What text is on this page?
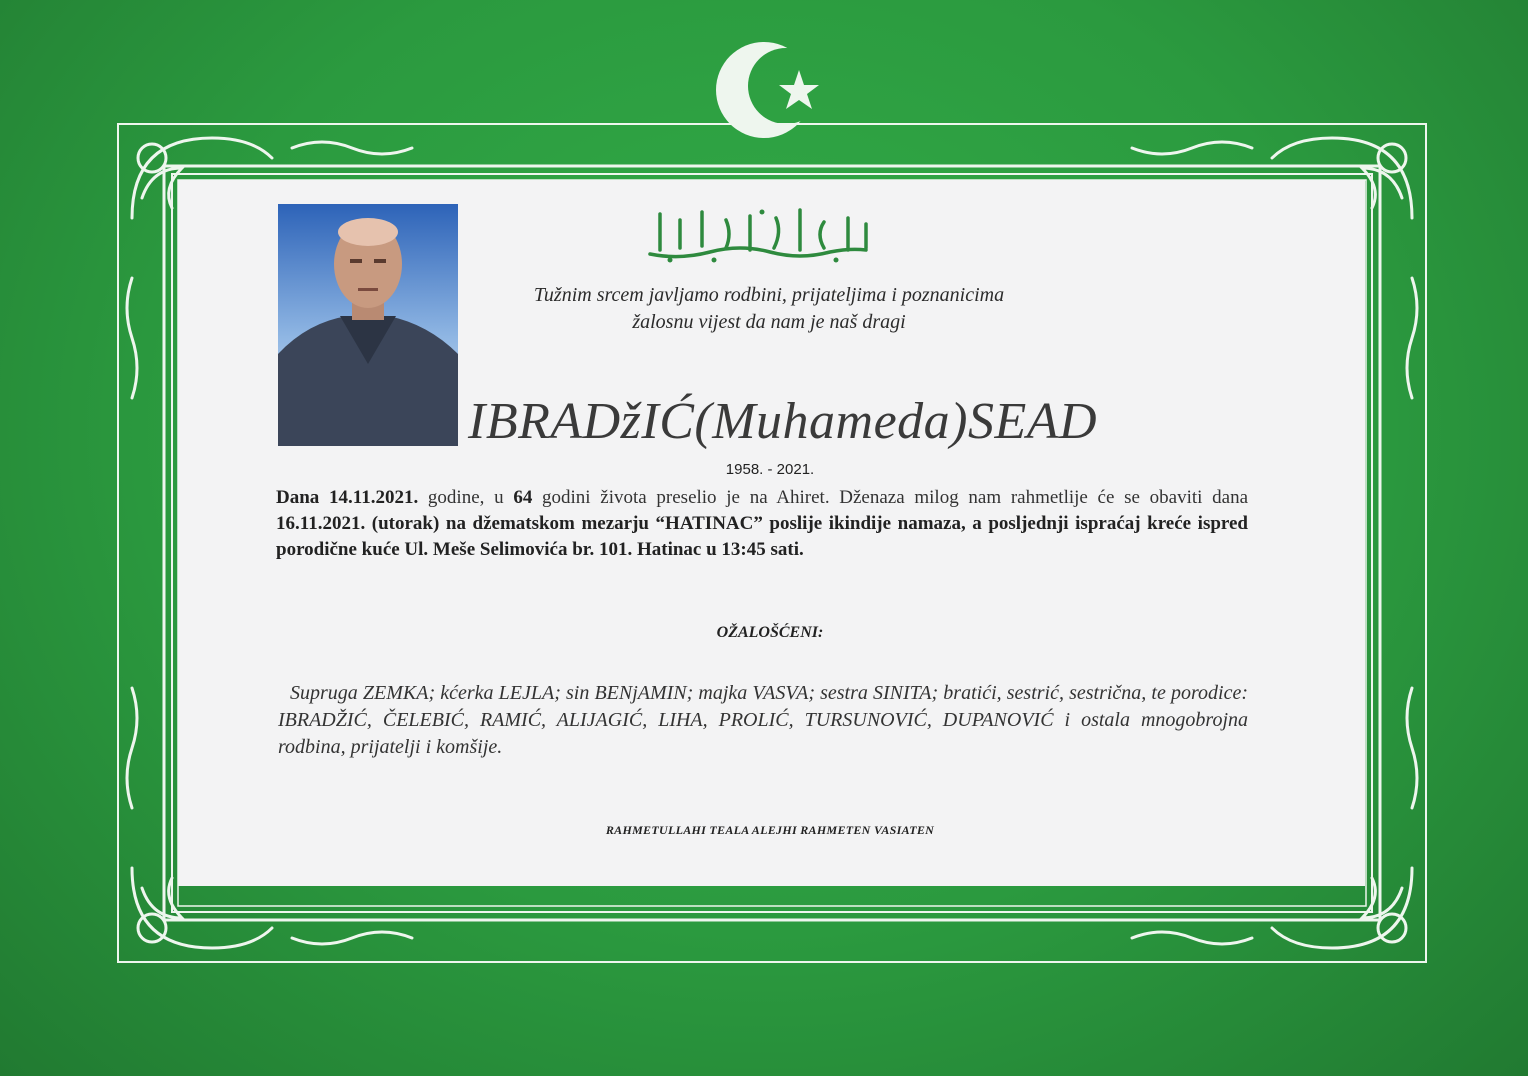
Tužnim srcem javljamo rodbini, prijateljima i poznanicima
žalosnu vijest da nam je naš dragi
IBRADžIĆ(Muhameda)SEAD
1958. - 2021.
Dana 14.11.2021. godine, u 64 godini života preselio je na Ahiret. Dženaza milog nam rahmetlije će se obaviti dana 16.11.2021. (utorak) na džematskom mezarju “HATINAC” poslije ikindije namaza, a posljednji ispraćaj kreće ispred porodične kuće Ul. Meše Selimovića br. 101. Hatinac u 13:45 sati.
OŽALOŠĆENI:
Supruga ZEMKA; kćerka LEJLA; sin BENjAMIN; majka VASVA; sestra SINITA; bratići, sestrić, sestrična, te porodice: IBRADŽIĆ, ČELEBIĆ, RAMIĆ, ALIJAGIĆ, LIHA, PROLIĆ, TURSUNOVIĆ, DUPANOVIĆ i ostala mnogobrojna rodbina, prijatelji i komšije.
RAHMETULLAHI TEALA ALEJHI RAHMETEN VASIATEN
